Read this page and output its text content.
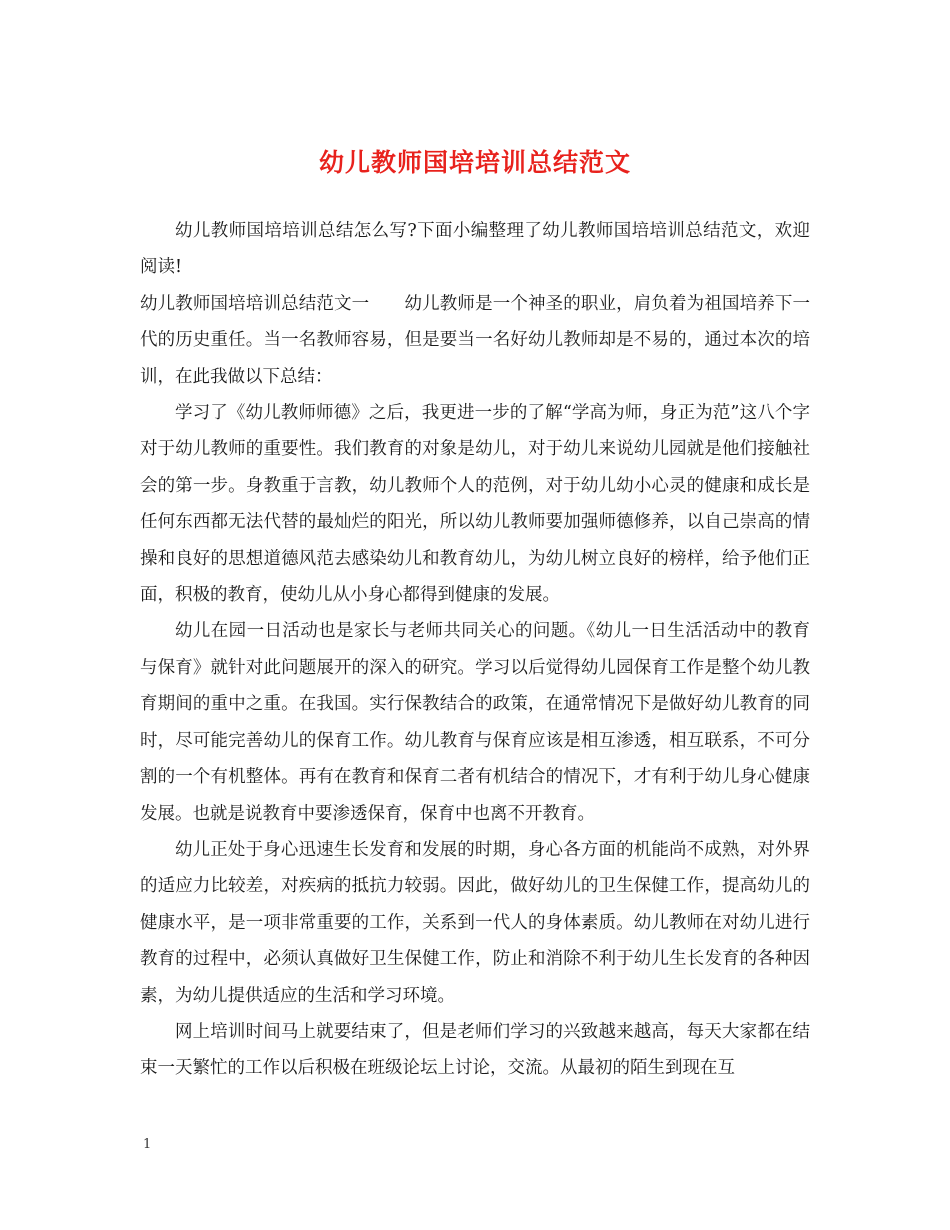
幼儿教师国培培训总结范文

幼儿教师国培培训总结怎么写?下面小编整理了幼儿教师国培培训总结范文，欢迎阅读!

幼儿教师国培培训总结范文一　　幼儿教师是一个神圣的职业，肩负着为祖国培养下一代的历史重任。当一名教师容易，但是要当一名好幼儿教师却是不易的，通过本次的培训，在此我做以下总结：

学习了《幼儿教师师德》之后，我更进一步的了解“学高为师，身正为范”这八个字对于幼儿教师的重要性。我们教育的对象是幼儿，对于幼儿来说幼儿园就是他们接触社会的第一步。身教重于言教，幼儿教师个人的范例，对于幼儿幼小心灵的健康和成长是任何东西都无法代替的最灿烂的阳光，所以幼儿教师要加强师德修养，以自己崇高的情操和良好的思想道德风范去感染幼儿和教育幼儿，为幼儿树立良好的榜样，给予他们正面，积极的教育，使幼儿从小身心都得到健康的发展。

幼儿在园一日活动也是家长与老师共同关心的问题。《幼儿一日生活活动中的教育与保育》就针对此问题展开的深入的研究。学习以后觉得幼儿园保育工作是整个幼儿教育期间的重中之重。在我国。实行保教结合的政策，在通常情况下是做好幼儿教育的同时，尽可能完善幼儿的保育工作。幼儿教育与保育应该是相互渗透，相互联系，不可分割的一个有机整体。再有在教育和保育二者有机结合的情况下，才有利于幼儿身心健康发展。也就是说教育中要渗透保育，保育中也离不开教育。

幼儿正处于身心迅速生长发育和发展的时期，身心各方面的机能尚不成熟，对外界的适应力比较差，对疾病的抵抗力较弱。因此，做好幼儿的卫生保健工作，提高幼儿的健康水平，是一项非常重要的工作，关系到一代人的身体素质。幼儿教师在对幼儿进行教育的过程中，必须认真做好卫生保健工作，防止和消除不利于幼儿生长发育的各种因素，为幼儿提供适应的生活和学习环境。

网上培训时间马上就要结束了，但是老师们学习的兴致越来越高，每天大家都在结束一天繁忙的工作以后积极在班级论坛上讨论，交流。从最初的陌生到现在互

1
